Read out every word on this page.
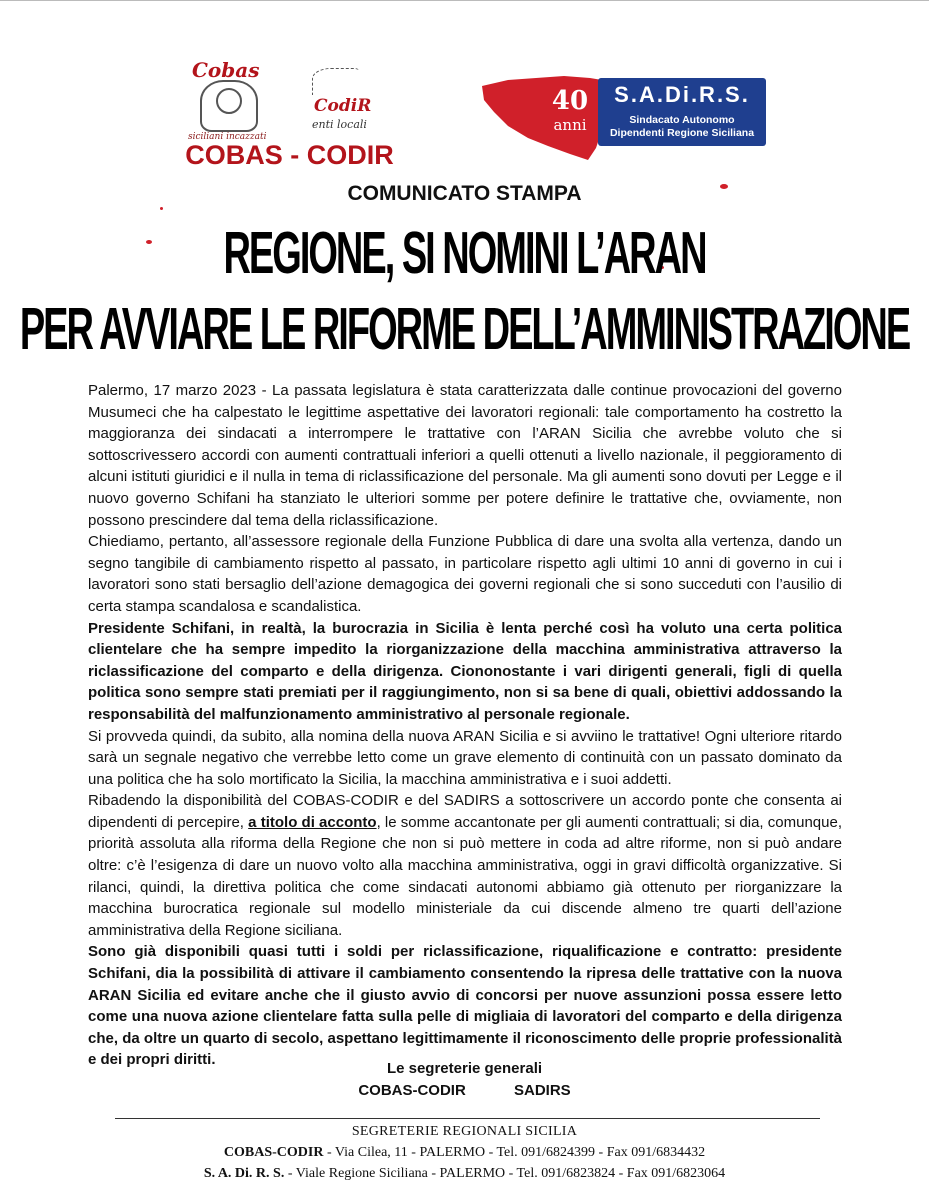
Cobas
siciliani incazzati
CodiR
enti locali
COBAS - CODIR
40
anni
S.A.Di.R.S.
Sindacato Autonomo
Dipendenti Regione Siciliana
COMUNICATO STAMPA
REGIONE, SI NOMINI L’ARAN
PER AVVIARE LE RIFORME DELL’AMMINISTRAZIONE

Palermo, 17 marzo 2023 - La passata legislatura è stata caratterizzata dalle continue provocazioni del governo Musumeci che ha calpestato le legittime aspettative dei lavoratori regionali: tale comportamento ha costretto la maggioranza dei sindacati a interrompere le trattative con l’ARAN Sicilia che avrebbe voluto che si sottoscrivessero accordi con aumenti contrattuali inferiori a quelli ottenuti a livello nazionale, il peggioramento di alcuni istituti giuridici e il nulla in tema di riclassificazione del personale. Ma gli aumenti sono dovuti per Legge e il nuovo governo Schifani ha stanziato le ulteriori somme per potere definire le trattative che, ovviamente, non possono prescindere dal tema della riclassificazione.

Chiediamo, pertanto, all’assessore regionale della Funzione Pubblica di dare una svolta alla vertenza, dando un segno tangibile di cambiamento rispetto al passato, in particolare rispetto agli ultimi 10 anni di governo in cui i lavoratori sono stati bersaglio dell’azione demagogica dei governi regionali che si sono succeduti con l’ausilio di certa stampa scandalosa e scandalistica.

Presidente Schifani, in realtà, la burocrazia in Sicilia è lenta perché così ha voluto una certa politica clientelare che ha sempre impedito la riorganizzazione della macchina amministrativa attraverso la riclassificazione del comparto e della dirigenza. Ciononostante i vari dirigenti generali, figli di quella politica sono sempre stati premiati per il raggiungimento, non si sa bene di quali, obiettivi addossando la responsabilità del malfunzionamento amministrativo al personale regionale.

Si provveda quindi, da subito, alla nomina della nuova ARAN Sicilia e si avviino le trattative! Ogni ulteriore ritardo sarà un segnale negativo che verrebbe letto come un grave elemento di continuità con un passato dominato da una politica che ha solo mortificato la Sicilia, la macchina amministrativa e i suoi addetti.

Ribadendo la disponibilità del COBAS-CODIR e del SADIRS a sottoscrivere un accordo ponte che consenta ai dipendenti di percepire, a titolo di acconto, le somme accantonate per gli aumenti contrattuali; si dia, comunque, priorità assoluta alla riforma della Regione che non si può mettere in coda ad altre riforme, non si può andare oltre: c’è l’esigenza di dare un nuovo volto alla macchina amministrativa, oggi in gravi difficoltà organizzative. Si rilanci, quindi, la direttiva politica che come sindacati autonomi abbiamo già ottenuto per riorganizzare la macchina burocratica regionale sul modello ministeriale da cui discende almeno tre quarti dell’azione amministrativa della Regione siciliana.

Sono già disponibili quasi tutti i soldi per riclassificazione, riqualificazione e contratto: presidente Schifani, dia la possibilità di attivare il cambiamento consentendo la ripresa delle trattative con la nuova ARAN Sicilia ed evitare anche che il giusto avvio di concorsi per nuove assunzioni possa essere letto come una nuova azione clientelare fatta sulla pelle di migliaia di lavoratori del comparto e della dirigenza che, da oltre un quarto di secolo, aspettano legittimamente il riconoscimento delle proprie professionalità e dei propri diritti.

Le segreterie generali
COBAS-CODIR	SADIRS
SEGRETERIE REGIONALI SICILIA
COBAS-CODIR - Via Cilea, 11 - PALERMO - Tel. 091/6824399 - Fax 091/6834432
S. A. Di. R. S. - Viale Regione Siciliana - PALERMO - Tel. 091/6823824 - Fax 091/6823064
